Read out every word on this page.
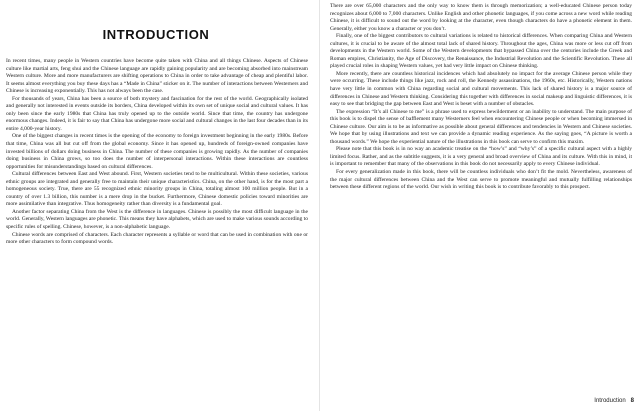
INTRODUCTION

In recent times, many people in Western countries have become quite taken with China and all things Chinese. Aspects of Chinese culture like martial arts, feng shui and the Chinese language are rapidly gaining popularity and are becoming absorbed into mainstream Western culture. More and more manufacturers are shifting operations to China in order to take advantage of cheap and plentiful labor. It seems almost everything you buy these days has a “Made in China” sticker on it. The number of interactions between Westerners and Chinese is increasing exponentially. This has not always been the case.

For thousands of years, China has been a source of both mystery and fascination for the rest of the world. Geographically isolated and generally not interested in events outside its borders, China developed within its own set of unique social and cultural values. It has only been since the early 1980s that China has truly opened up to the outside world. Since that time, the country has undergone enormous changes. Indeed, it is fair to say that China has undergone more social and cultural changes in the last four decades than in its entire 4,000-year history.

One of the biggest changes in recent times is the opening of the economy to foreign investment beginning in the early 1980s. Before that time, China was all but cut off from the global economy. Since it has opened up, hundreds of foreign-owned companies have invested billions of dollars doing business in China. The number of these companies is growing rapidly. As the number of companies doing business in China grows, so too does the number of interpersonal interactions. Within these interactions are countless opportunities for misunderstandings based on cultural differences.

Cultural differences between East and West abound. First, Western societies tend to be multicultural. Within these societies, various ethnic groups are integrated and generally free to maintain their unique characteristics. China, on the other hand, is for the most part a homogeneous society. True, there are 55 recognized ethnic minority groups in China, totaling almost 100 million people. But in a country of over 1.3 billion, this number is a mere drop in the bucket. Furthermore, Chinese domestic policies toward minorities are more assimilative than integrative. Thus homogeneity rather than diversity is a fundamental goal.

Another factor separating China from the West is the difference in languages. Chinese is possibly the most difficult language in the world. Generally, Western languages are phonetic. This means they have alphabets, which are used to make various sounds according to specific rules of spelling. Chinese, however, is a non-alphabetic language.

Chinese words are comprised of characters. Each character represents a syllable or word that can be used in combination with one or more other characters to form compound words.

There are over 65,000 characters and the only way to know them is through memorization; a well-educated Chinese person today recognizes about 6,000 to 7,000 characters. Unlike English and other phonetic languages, if you come across a new word while reading Chinese, it is difficult to sound out the word by looking at the character, even though characters do have a phonetic element in them. Generally, either you know a character or you don’t.

Finally, one of the biggest contributors to cultural variations is related to historical differences. When comparing China and Western cultures, it is crucial to be aware of the almost total lack of shared history. Throughout the ages, China was more or less cut off from developments in the Western world. Some of the Western developments that bypassed China over the centuries include the Greek and Roman empires, Christianity, the Age of Discovery, the Renaissance, the Industrial Revolution and the Scientific Revolution. These all played crucial roles in shaping Western values, yet had very little impact on Chinese thinking.

More recently, there are countless historical incidences which had absolutely no impact for the average Chinese person while they were occurring. These include things like jazz, rock and roll, the Kennedy assassinations, the 1960s, etc. Historically, Western nations have very little in common with China regarding social and cultural movements. This lack of shared history is a major source of differences in Chinese and Western thinking. Considering this together with differences in social makeup and linguistic differences, it is easy to see that bridging the gap between East and West is beset with a number of obstacles.

The expression “It’s all Chinese to me” is a phrase used to express bewilderment or an inability to understand. The main purpose of this book is to dispel the sense of bafflement many Westerners feel when encountering Chinese people or when becoming immersed in Chinese culture. Our aim is to be as informative as possible about general differences and tendencies in Western and Chinese societies. We hope that by using illustrations and text we can provide a dynamic reading experience. As the saying goes, “A picture is worth a thousand words.” We hope the experiential nature of the illustrations in this book can serve to confirm this maxim.

Please note that this book is in no way an academic treatise on the “how’s” and “why’s” of a specific cultural aspect with a highly limited focus. Rather, and as the subtitle suggests, it is a very general and broad overview of China and its culture. With this in mind, it is important to remember that many of the observations in this book do not necessarily apply to every Chinese individual.

For every generalization made in this book, there will be countless individuals who don’t fit the mold. Nevertheless, awareness of the major cultural differences between China and the West can serve to promote meaningful and mutually fulfilling relationships between these different regions of the world. Our wish in writing this book is to contribute favorably to this prospect.

Introduction 8
